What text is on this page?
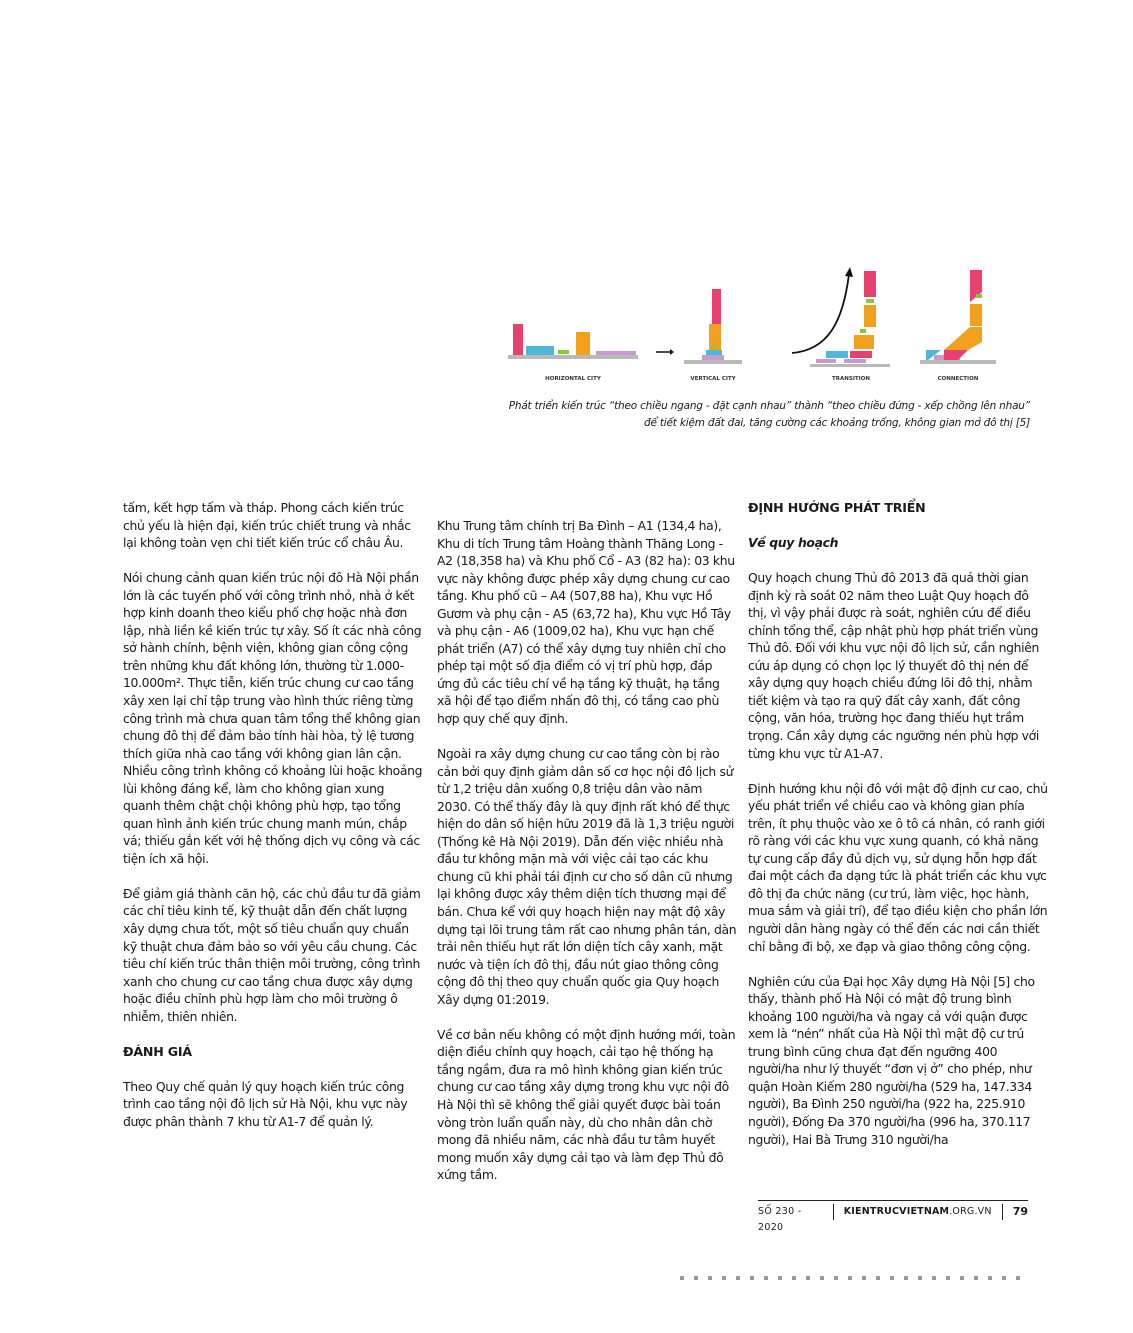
HORIZONTAL CITY	VERTICAL CITY	TRANSITION	CONNECTION
Phát triển kiến trúc “theo chiều ngang - đặt cạnh nhau” thành “theo chiều đứng - xếp chồng lên nhau”
để tiết kiệm đất đai, tăng cường các khoảng trống, không gian mở đô thị [5]

tấm, kết hợp tấm và tháp. Phong cách kiến trúc chủ yếu là hiện đại, kiến trúc chiết trung và nhắc lại không toàn vẹn chi tiết kiến trúc cổ châu Âu.

Nói chung cảnh quan kiến trúc nội đô Hà Nội phần lớn là các tuyến phố với công trình nhỏ, nhà ở kết hợp kinh doanh theo kiểu phố chợ hoặc nhà đơn lập, nhà liền kề kiến trúc tự xây. Số ít các nhà công sở hành chính, bệnh viện, không gian công cộng trên những khu đất không lớn, thường từ 1.000-10.000m². Thực tiễn, kiến trúc chung cư cao tầng xây xen lại chỉ tập trung vào hình thức riêng từng công trình mà chưa quan tâm tổng thể không gian chung đô thị để đảm bảo tính hài hòa, tỷ lệ tương thích giữa nhà cao tầng với không gian lân cận. Nhiều công trình không có khoảng lùi hoặc khoảng lùi không đáng kể, làm cho không gian xung quanh thêm chật chội không phù hợp, tạo tổng quan hình ảnh kiến trúc chung manh mún, chắp vá; thiếu gắn kết với hệ thống dịch vụ công và các tiện ích xã hội.

Để giảm giá thành căn hộ, các chủ đầu tư đã giảm các chỉ tiêu kinh tế, kỹ thuật dẫn đến chất lượng xây dựng chưa tốt, một số tiêu chuẩn quy chuẩn kỹ thuật chưa đảm bảo so với yêu cầu chung. Các tiêu chí kiến trúc thân thiện môi trường, công trình xanh cho chung cư cao tầng chưa được xây dựng hoặc điều chỉnh phù hợp làm cho môi trường ô nhiễm, thiên nhiên.

ĐÁNH GIÁ

Theo Quy chế quản lý quy hoạch kiến trúc công trình cao tầng nội đô lịch sử Hà Nội, khu vực này được phân thành 7 khu từ A1-7 để quản lý.

Khu Trung tâm chính trị Ba Đình – A1 (134,4 ha), Khu di tích Trung tâm Hoàng thành Thăng Long - A2 (18,358 ha) và Khu phố Cổ - A3 (82 ha): 03 khu vực này không được phép xây dựng chung cư cao tầng. Khu phố cũ – A4 (507,88 ha), Khu vực Hồ Gươm và phụ cận - A5 (63,72 ha), Khu vực Hồ Tây và phụ cận - A6 (1009,02 ha), Khu vực hạn chế phát triển (A7) có thể xây dựng tuy nhiên chỉ cho phép tại một số địa điểm có vị trí phù hợp, đáp ứng đủ các tiêu chí về hạ tầng kỹ thuật, hạ tầng xã hội để tạo điểm nhấn đô thị, có tầng cao phù hợp quy chế quy định.

Ngoài ra xây dựng chung cư cao tầng còn bị rào cản bởi quy định giảm dân số cơ học nội đô lịch sử từ 1,2 triệu dân xuống 0,8 triệu dân vào năm 2030. Có thể thấy đây là quy định rất khó để thực hiện do dân số hiện hữu 2019 đã là 1,3 triệu người (Thống kê Hà Nội 2019). Dẫn đến việc nhiều nhà đầu tư không mặn mà với việc cải tạo các khu chung cũ khi phải tái định cư cho số dân cũ nhưng lại không được xây thêm diện tích thương mại để bán. Chưa kể với quy hoạch hiện nay mật độ xây dựng tại lõi trung tâm rất cao nhưng phân tán, dàn trải nên thiếu hụt rất lớn diện tích cây xanh, mặt nước và tiện ích đô thị, đầu nút giao thông công cộng đô thị theo quy chuẩn quốc gia Quy hoạch Xây dựng 01:2019.

Về cơ bản nếu không có một định hướng mới, toàn diện điều chỉnh quy hoạch, cải tạo hệ thống hạ tầng ngầm, đưa ra mô hình không gian kiến trúc chung cư cao tầng xây dựng trong khu vực nội đô Hà Nội thì sẽ không thể giải quyết được bài toán vòng tròn luẩn quẩn này, dù cho nhân dân chờ mong đã nhiều năm, các nhà đầu tư tâm huyết mong muốn xây dựng cải tạo và làm đẹp Thủ đô xứng tầm.

ĐỊNH HƯỚNG PHÁT TRIỂN
Về quy hoạch

Quy hoạch chung Thủ đô 2013 đã quá thời gian định kỳ rà soát 02 năm theo Luật Quy hoạch đô thị, vì vậy phải được rà soát, nghiên cứu để điều chỉnh tổng thể, cập nhật phù hợp phát triển vùng Thủ đô. Đối với khu vực nội đô lịch sử, cần nghiên cứu áp dụng có chọn lọc lý thuyết đô thị nén để xây dựng quy hoạch chiều đứng lõi đô thị, nhằm tiết kiệm và tạo ra quỹ đất cây xanh, đất công cộng, văn hóa, trường học đang thiếu hụt trầm trọng. Cần xây dựng các ngưỡng nén phù hợp với từng khu vực từ A1-A7.

Định hướng khu nội đô với mật độ định cư cao, chủ yếu phát triển về chiều cao và không gian phía trên, ít phụ thuộc vào xe ô tô cá nhân, có ranh giới rõ ràng với các khu vực xung quanh, có khả năng tự cung cấp đầy đủ dịch vụ, sử dụng hỗn hợp đất đai một cách đa dạng tức là phát triển các khu vực đô thị đa chức năng (cư trú, làm việc, học hành, mua sắm và giải trí), để tạo điều kiện cho phần lớn người dân hàng ngày có thể đến các nơi cần thiết chỉ bằng đi bộ, xe đạp và giao thông công cộng.

Nghiên cứu của Đại học Xây dựng Hà Nội [5] cho thấy, thành phố Hà Nội có mật độ trung bình khoảng 100 người/ha và ngay cả với quận được xem là “nén” nhất của Hà Nội thì mật độ cư trú trung bình cũng chưa đạt đến ngưỡng 400 người/ha như lý thuyết “đơn vị ở” cho phép, như quận Hoàn Kiếm 280 người/ha (529 ha, 147.334 người), Ba Đình 250 người/ha (922 ha, 225.910 người), Đống Đa 370 người/ha (996 ha, 370.117 người), Hai Bà Trưng 310 người/ha

SỐ 230 - 2020
KIENTRUCVIETNAM.ORG.VN	79
